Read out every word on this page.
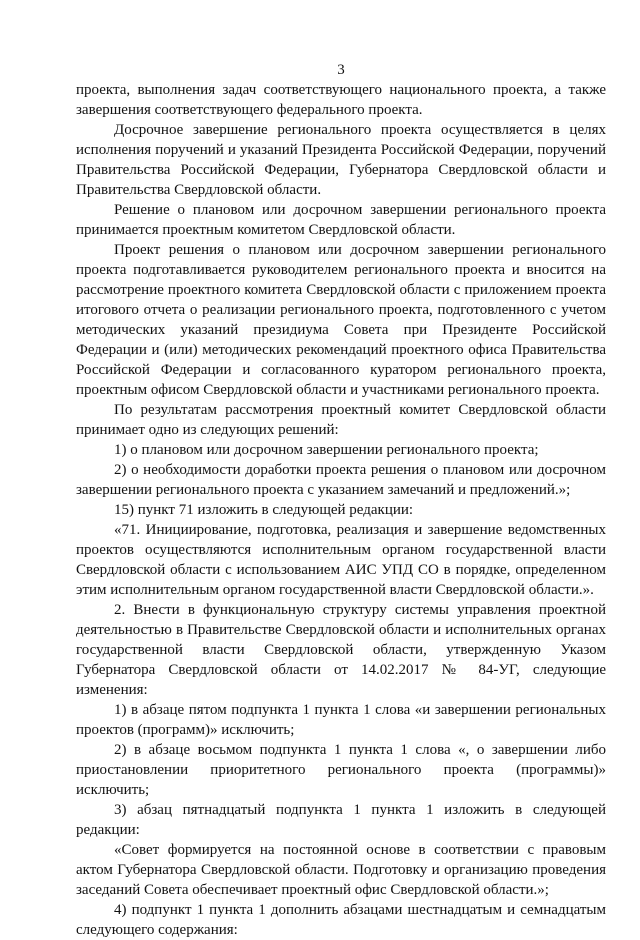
3

проекта, выполнения задач соответствующего национального проекта, а также завершения соответствующего федерального проекта.

Досрочное завершение регионального проекта осуществляется в целях исполнения поручений и указаний Президента Российской Федерации, поручений Правительства Российской Федерации, Губернатора Свердловской области и Правительства Свердловской области.

Решение о плановом или досрочном завершении регионального проекта принимается проектным комитетом Свердловской области.

Проект решения о плановом или досрочном завершении регионального проекта подготавливается руководителем регионального проекта и вносится на рассмотрение проектного комитета Свердловской области с приложением проекта итогового отчета о реализации регионального проекта, подготовленного с учетом методических указаний президиума Совета при Президенте Российской Федерации и (или) методических рекомендаций проектного офиса Правительства Российской Федерации и согласованного куратором регионального проекта, проектным офисом Свердловской области и участниками регионального проекта.

По результатам рассмотрения проектный комитет Свердловской области принимает одно из следующих решений:

1) о плановом или досрочном завершении регионального проекта;

2) о необходимости доработки проекта решения о плановом или досрочном завершении регионального проекта с указанием замечаний и предложений.»;

15) пункт 71 изложить в следующей редакции:

«71. Инициирование, подготовка, реализация и завершение ведомственных проектов осуществляются исполнительным органом государственной власти Свердловской области с использованием АИС УПД СО в порядке, определенном этим исполнительным органом государственной власти Свердловской области.».

2. Внести в функциональную структуру системы управления проектной деятельностью в Правительстве Свердловской области и исполнительных органах государственной власти Свердловской области, утвержденную Указом Губернатора Свердловской области от 14.02.2017 № 84-УГ, следующие изменения:

1) в абзаце пятом подпункта 1 пункта 1 слова «и завершении региональных проектов (программ)» исключить;

2) в абзаце восьмом подпункта 1 пункта 1 слова «, о завершении либо приостановлении приоритетного регионального проекта (программы)» исключить;

3) абзац пятнадцатый подпункта 1 пункта 1 изложить в следующей редакции:

«Совет формируется на постоянной основе в соответствии с правовым актом Губернатора Свердловской области. Подготовку и организацию проведения заседаний Совета обеспечивает проектный офис Свердловской области.»;

4) подпункт 1 пункта 1 дополнить абзацами шестнадцатым и семнадцатым следующего содержания:
